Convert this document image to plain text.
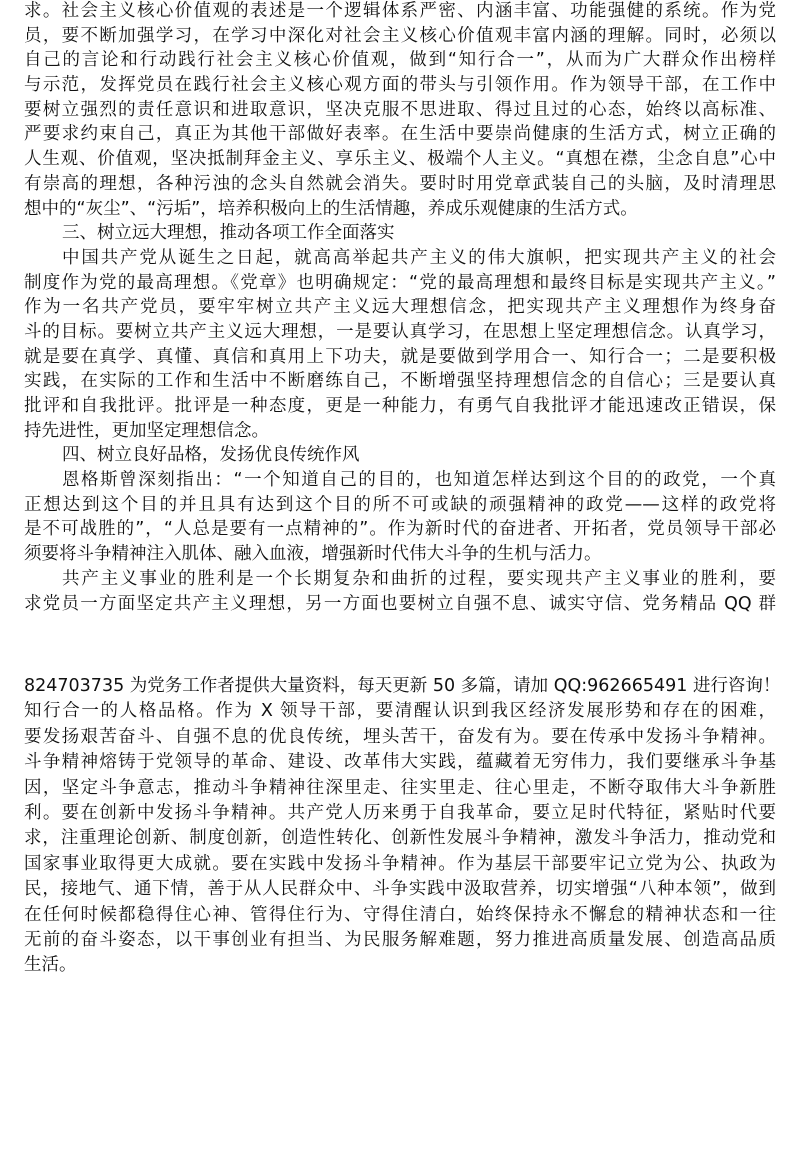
求。社会主义核心价值观的表述是一个逻辑体系严密、内涵丰富、功能强健的系统。作为党
员，要不断加强学习，在学习中深化对社会主义核心价值观丰富内涵的理解。同时，必须以
自己的言论和行动践行社会主义核心价值观，做到“知行合一”，从而为广大群众作出榜样
与示范，发挥党员在践行社会主义核心观方面的带头与引领作用。作为领导干部，在工作中
要树立强烈的责任意识和进取意识，坚决克服不思进取、得过且过的心态，始终以高标准、
严要求约束自己，真正为其他干部做好表率。在生活中要崇尚健康的生活方式，树立正确的
人生观、价值观，坚决抵制拜金主义、享乐主义、极端个人主义。“真想在襟，尘念自息”心中
有崇高的理想，各种污浊的念头自然就会消失。要时时用党章武装自己的头脑，及时清理思
想中的“灰尘”、“污垢”，培养积极向上的生活情趣，养成乐观健康的生活方式。
三、树立远大理想，推动各项工作全面落实
中国共产党从诞生之日起，就高高举起共产主义的伟大旗帜，把实现共产主义的社会
制度作为党的最高理想。《党章》也明确规定：“党的最高理想和最终目标是实现共产主义。”
作为一名共产党员，要牢牢树立共产主义远大理想信念，把实现共产主义理想作为终身奋
斗的目标。要树立共产主义远大理想，一是要认真学习，在思想上坚定理想信念。认真学习，
就是要在真学、真懂、真信和真用上下功夫，就是要做到学用合一、知行合一；二是要积极
实践，在实际的工作和生活中不断磨练自己，不断增强坚持理想信念的自信心；三是要认真
批评和自我批评。批评是一种态度，更是一种能力，有勇气自我批评才能迅速改正错误，保
持先进性，更加坚定理想信念。
四、树立良好品格，发扬优良传统作风
恩格斯曾深刻指出：“一个知道自己的目的，也知道怎样达到这个目的的政党，一个真
正想达到这个目的并且具有达到这个目的所不可或缺的顽强精神的政党——这样的政党将
是不可战胜的”，“人总是要有一点精神的”。作为新时代的奋进者、开拓者，党员领导干部必
须要将斗争精神注入肌体、融入血液，增强新时代伟大斗争的生机与活力。
共产主义事业的胜利是一个长期复杂和曲折的过程，要实现共产主义事业的胜利，要
求党员一方面坚定共产主义理想，另一方面也要树立自强不息、诚实守信、党务精品 QQ 群
824703735 为党务工作者提供大量资料，每天更新 50 多篇，请加 QQ:962665491 进行咨询！
知行合一的人格品格。作为 X 领导干部，要清醒认识到我区经济发展形势和存在的困难，
要发扬艰苦奋斗、自强不息的优良传统，埋头苦干，奋发有为。要在传承中发扬斗争精神。
斗争精神熔铸于党领导的革命、建设、改革伟大实践，蕴藏着无穷伟力，我们要继承斗争基
因，坚定斗争意志，推动斗争精神往深里走、往实里走、往心里走，不断夺取伟大斗争新胜
利。要在创新中发扬斗争精神。共产党人历来勇于自我革命，要立足时代特征，紧贴时代要
求，注重理论创新、制度创新，创造性转化、创新性发展斗争精神，激发斗争活力，推动党和
国家事业取得更大成就。要在实践中发扬斗争精神。作为基层干部要牢记立党为公、执政为
民，接地气、通下情，善于从人民群众中、斗争实践中汲取营养，切实增强“八种本领”，做到
在任何时候都稳得住心神、管得住行为、守得住清白，始终保持永不懈怠的精神状态和一往
无前的奋斗姿态，以干事创业有担当、为民服务解难题，努力推进高质量发展、创造高品质
生活。
